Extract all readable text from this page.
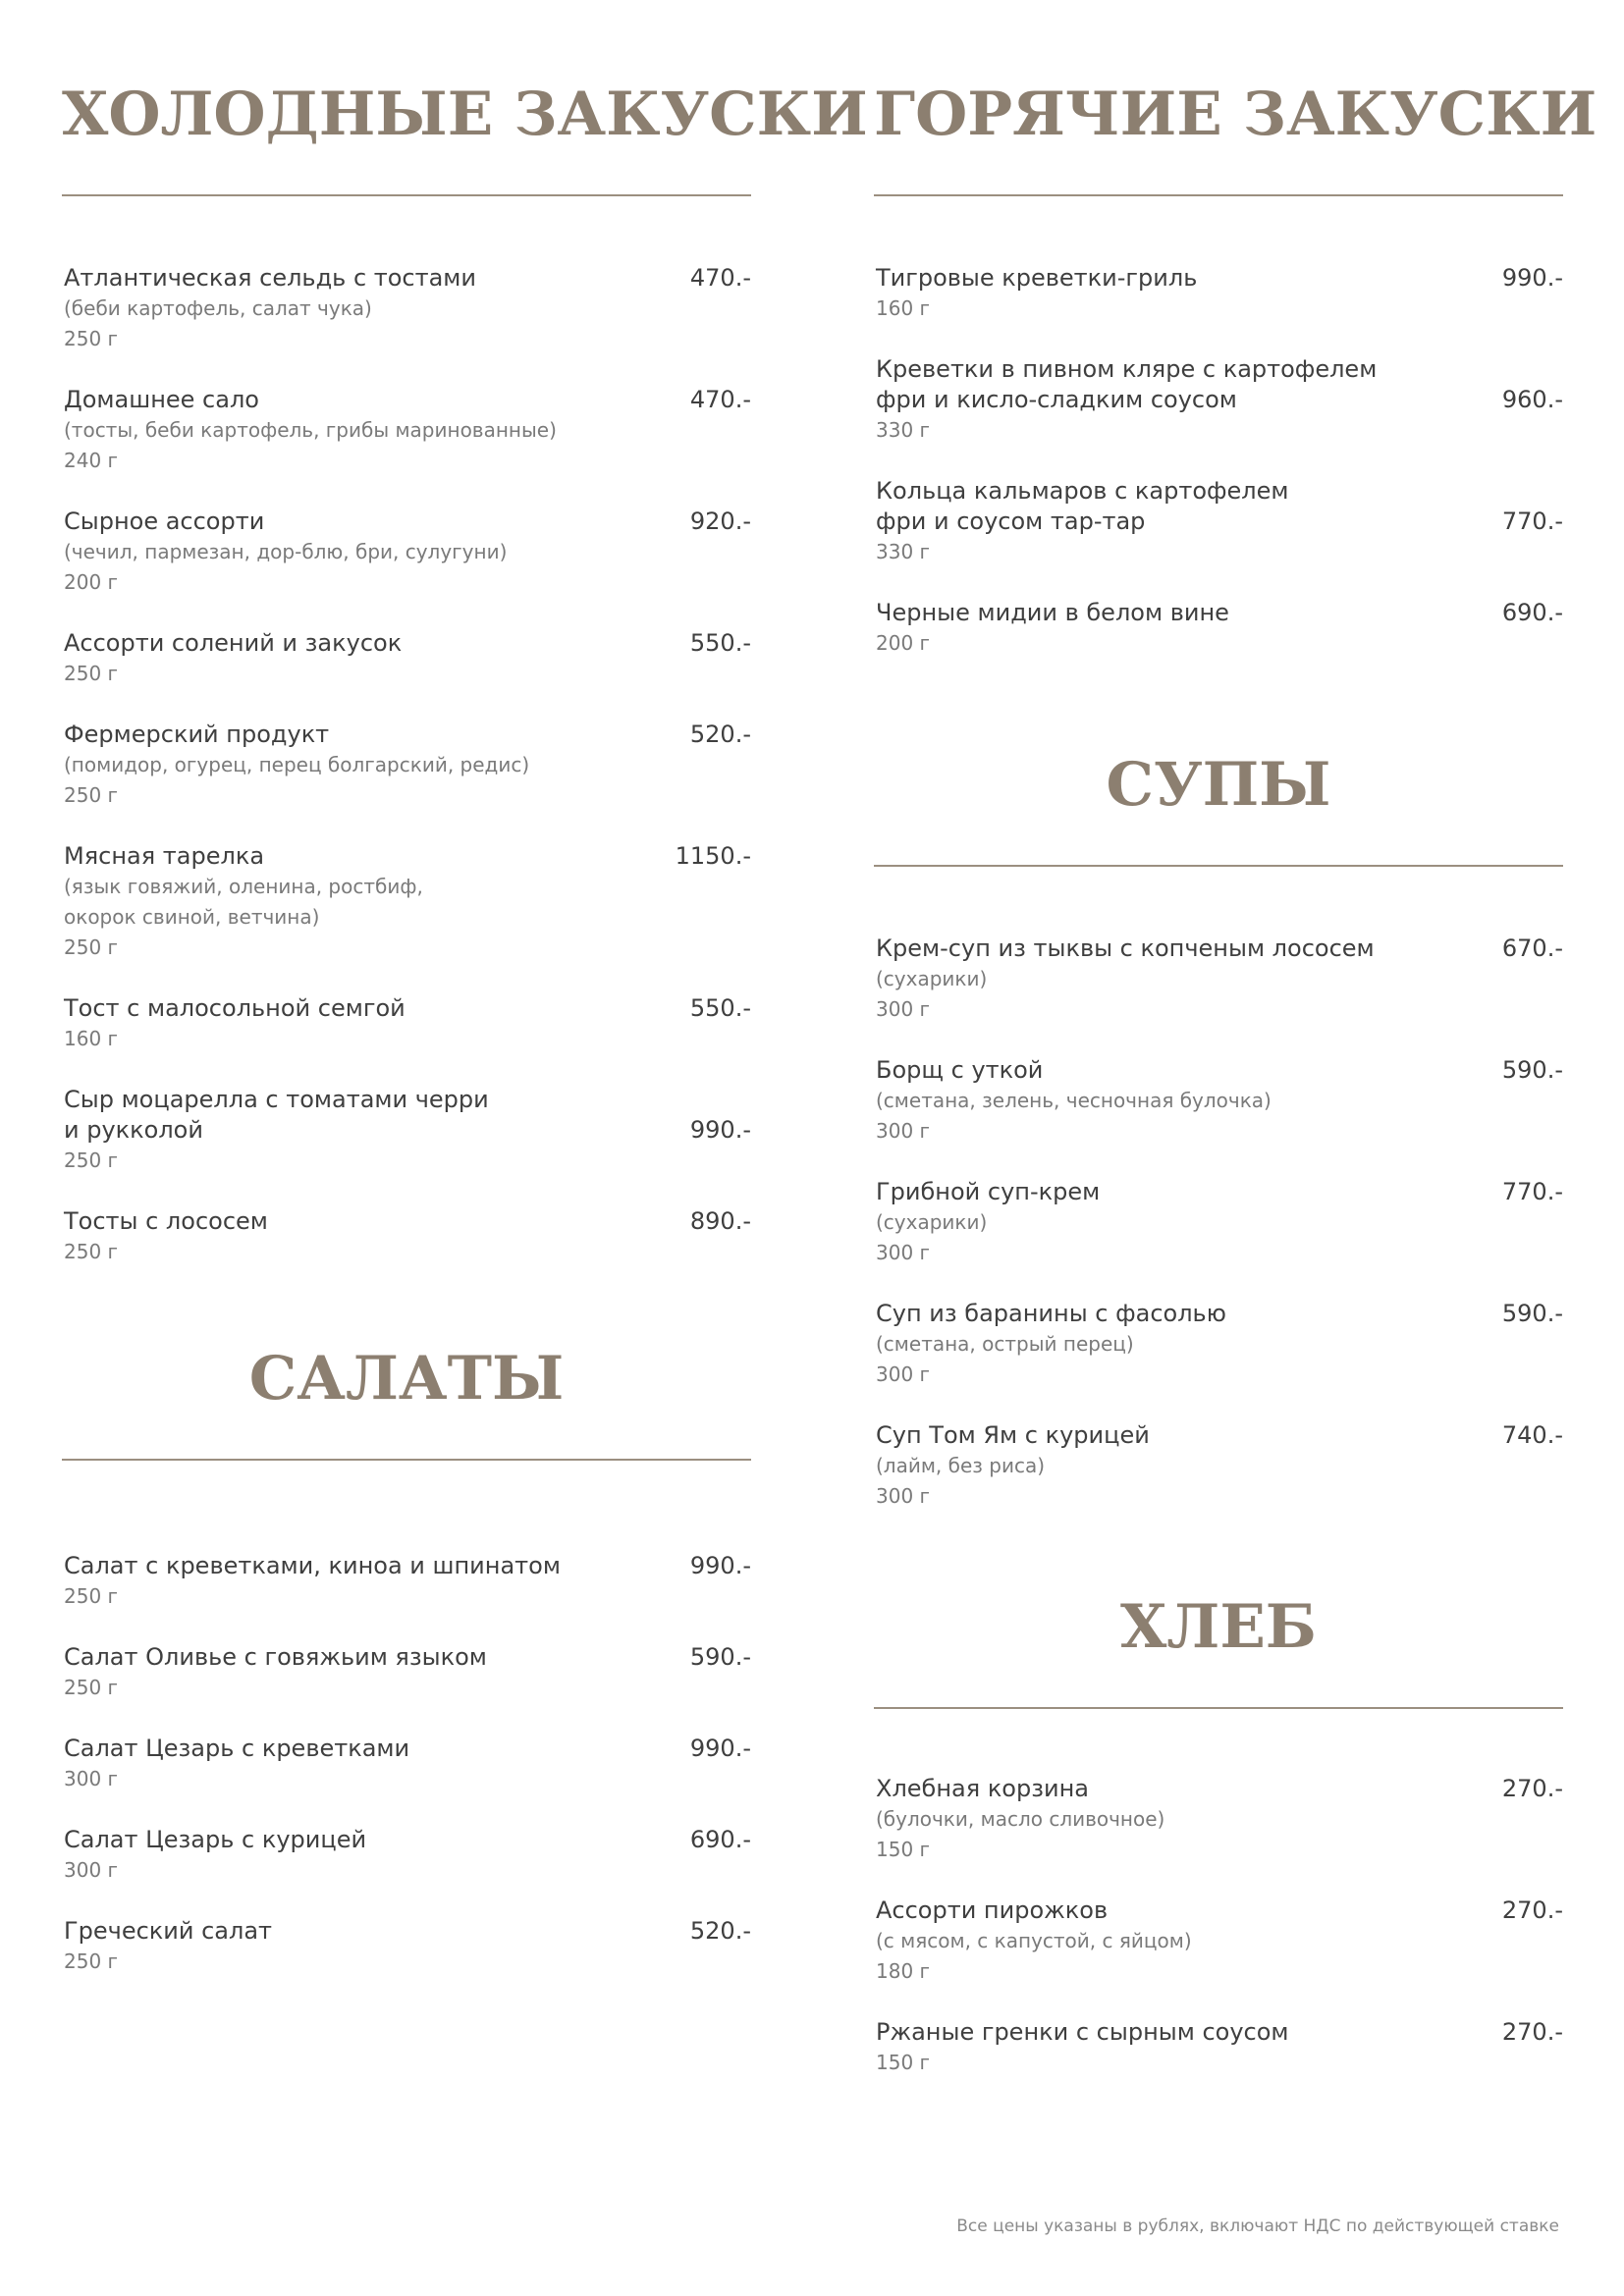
ХОЛОДНЫЕ ЗАКУСКИ
Атлантическая сельдь с тостами	470.-
(беби картофель, салат чука)
250 г
Домашнее сало	470.-
(тосты, беби картофель, грибы маринованные)
240 г
Сырное ассорти	920.-
(чечил, пармезан, дор-блю, бри, сулугуни)
200 г
Ассорти солений и закусок	550.-
250 г
Фермерский продукт	520.-
(помидор, огурец, перец болгарский, редис)
250 г
Мясная тарелка	1150.-
(язык говяжий, оленина, ростбиф,
окорок свиной, ветчина)
250 г
Тост с малосольной семгой	550.-
160 г
Сыр моцарелла с томатами черри
и рукколой	990.-
250 г
Тосты с лососем	890.-
250 г
САЛАТЫ
Салат с креветками, киноа и шпинатом	990.-
250 г
Салат Оливье с говяжьим языком	590.-
250 г
Салат Цезарь с креветками	990.-
300 г
Салат Цезарь с курицей	690.-
300 г
Греческий салат	520.-
250 г
ГОРЯЧИЕ ЗАКУСКИ
Тигровые креветки-гриль	990.-
160 г
Креветки в пивном кляре с картофелем
фри и кисло-сладким соусом	960.-
330 г
Кольца кальмаров с картофелем
фри и соусом тар-тар	770.-
330 г
Черные мидии в белом вине	690.-
200 г
СУПЫ
Крем-суп из тыквы с копченым лососем	670.-
(сухарики)
300 г
Борщ с уткой	590.-
(сметана, зелень, чесночная булочка)
300 г
Грибной суп-крем	770.-
(сухарики)
300 г
Суп из баранины с фасолью	590.-
(сметана, острый перец)
300 г
Суп Том Ям с курицей	740.-
(лайм, без риса)
300 г
ХЛЕБ
Хлебная корзина	270.-
(булочки, масло сливочное)
150 г
Ассорти пирожков	270.-
(с мясом, с капустой, с яйцом)
180 г
Ржаные гренки с сырным соусом	270.-
150 г
Все цены указаны в рублях, включают НДС по действующей ставке
